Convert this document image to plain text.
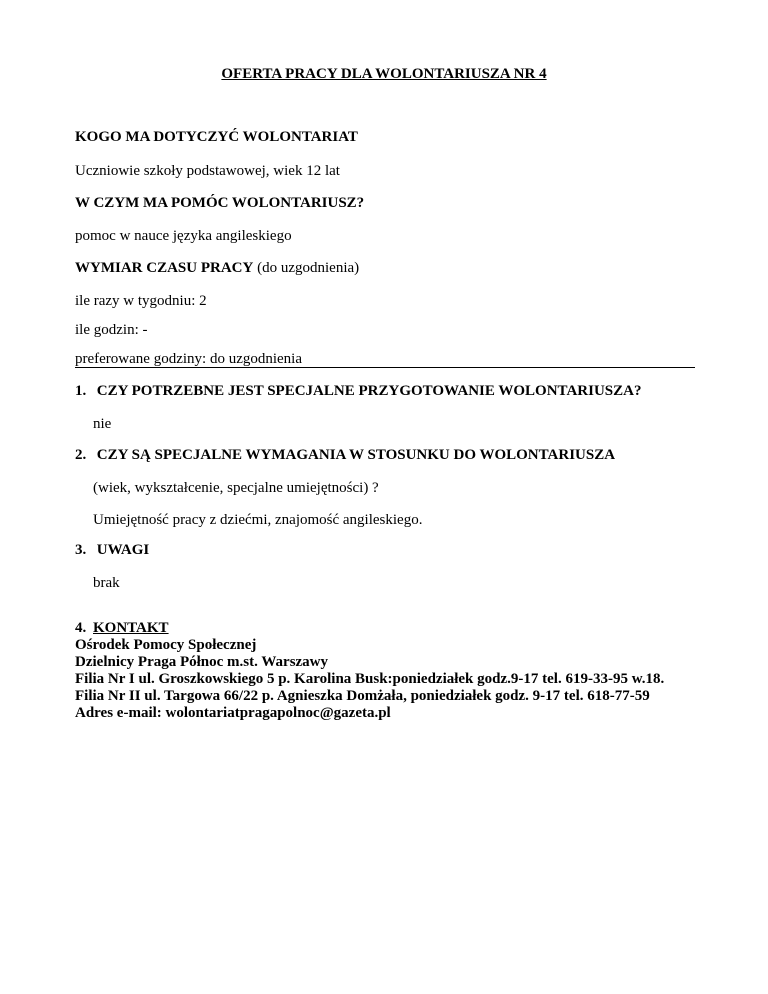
OFERTA PRACY DLA WOLONTARIUSZA NR 4
KOGO MA DOTYCZYĆ WOLONTARIAT
Uczniowie szkoły podstawowej, wiek 12 lat
W CZYM MA POMÓC WOLONTARIUSZ?
pomoc w nauce języka angileskiego
WYMIAR CZASU PRACY (do uzgodnienia)
ile razy w tygodniu: 2
ile godzin: -
preferowane godziny: do uzgodnienia
1. CZY POTRZEBNE JEST SPECJALNE PRZYGOTOWANIE WOLONTARIUSZA?
nie
2. CZY SĄ SPECJALNE WYMAGANIA W STOSUNKU DO WOLONTARIUSZA
(wiek, wykształcenie, specjalne umiejętności) ?
Umiejętność pracy z dziećmi, znajomość angileskiego.
3. UWAGI
brak
4. KONTAKT
Ośrodek Pomocy Społecznej
Dzielnicy Praga Północ m.st. Warszawy
Filia Nr I ul. Groszkowskiego 5 p. Karolina Busk:poniedziałek godz.9-17 tel. 619-33-95 w.18.
Filia Nr II ul. Targowa 66/22 p. Agnieszka Domżała, poniedziałek godz. 9-17 tel. 618-77-59
Adres e-mail: wolontariatpragapolnoc@gazeta.pl
